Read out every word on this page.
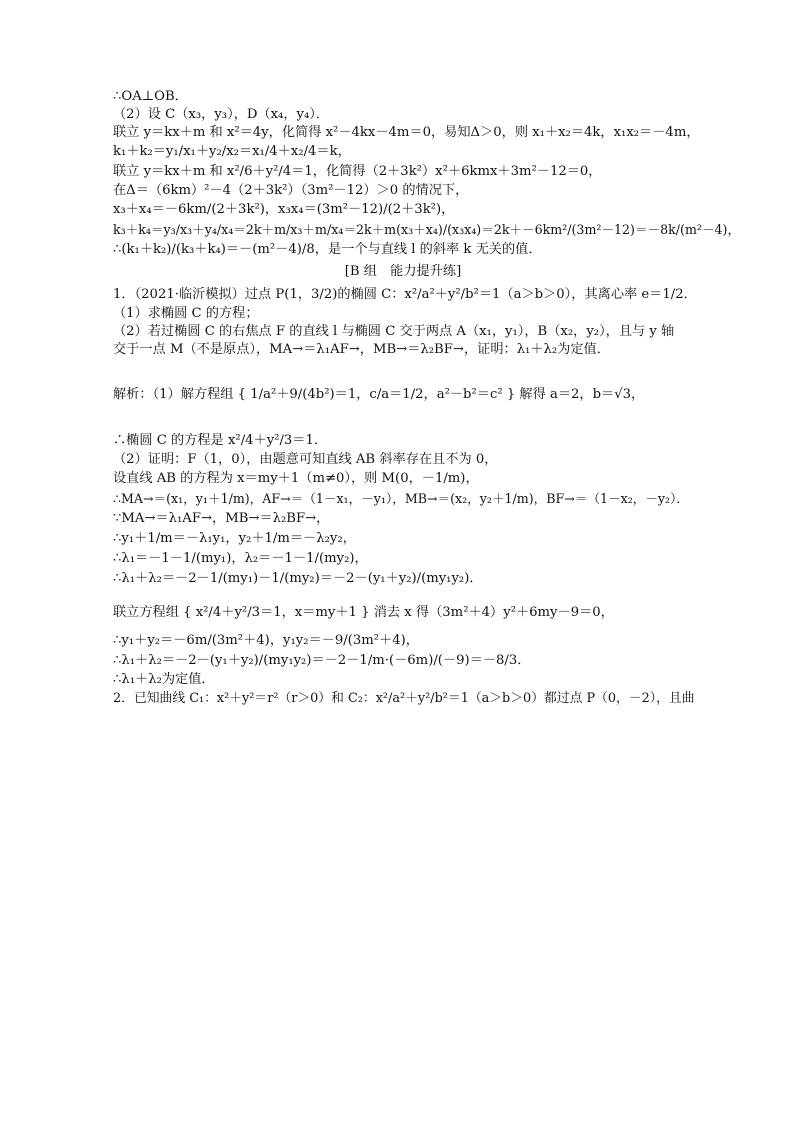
∴OA⊥OB．

（2）设 C（x₃，y₃），D（x₄，y₄）．

联立 y＝kx＋m 和 x²＝4y，化简得 x²－4kx－4m＝0，易知Δ＞0，则 x₁＋x₂＝4k，x₁x₂＝－4m，

k₁＋k₂＝y₁/x₁＋y₂/x₂＝x₁/4＋x₂/4＝k，

联立 y＝kx＋m 和 x²/6＋y²/4＝1，化简得（2＋3k²）x²＋6kmx＋3m²－12＝0，

在Δ＝（6km）²－4（2＋3k²）（3m²－12）＞0 的情况下，

x₃＋x₄＝－6km/(2＋3k²)，x₃x₄＝(3m²－12)/(2＋3k²)，

k₃＋k₄＝y₃/x₃＋y₄/x₄＝2k＋m/x₃＋m/x₄＝2k＋m(x₃＋x₄)/(x₃x₄)＝2k＋－6km²/(3m²－12)＝－8k/(m²－4)，

∴(k₁＋k₂)/(k₃＋k₄)＝－(m²－4)/8，是一个与直线 l 的斜率 k 无关的值．

[B 组　能力提升练]

1．（2021·临沂模拟）过点 P(1，3/2)的椭圆 C：x²/a²＋y²/b²＝1（a＞b＞0），其离心率 e＝1/2．

（1）求椭圆 C 的方程；

（2）若过椭圆 C 的右焦点 F 的直线 l 与椭圆 C 交于两点 A（x₁，y₁），B（x₂，y₂），且与 y 轴

交于一点 M（不是原点），MA→＝λ₁AF→，MB→＝λ₂BF→，证明：λ₁＋λ₂为定值．

解析：（1）解方程组 { 1/a²＋9/(4b²)＝1，c/a＝1/2，a²－b²＝c² } 解得 a＝2，b＝√3，

∴椭圆 C 的方程是 x²/4＋y²/3＝1．

（2）证明：F（1，0），由题意可知直线 AB 斜率存在且不为 0，

设直线 AB 的方程为 x＝my＋1（m≠0），则 M(0，－1/m)，

∴MA→＝(x₁，y₁＋1/m)，AF→＝（1－x₁，－y₁），MB→＝(x₂，y₂＋1/m)，BF→＝（1－x₂，－y₂）．

∵MA→＝λ₁AF→，MB→＝λ₂BF→，

∴y₁＋1/m＝－λ₁y₁，y₂＋1/m＝－λ₂y₂，

∴λ₁＝－1－1/(my₁)，λ₂＝－1－1/(my₂)，

∴λ₁＋λ₂＝－2－1/(my₁)－1/(my₂)＝－2－(y₁＋y₂)/(my₁y₂)．

联立方程组 { x²/4＋y²/3＝1，x＝my＋1 } 消去 x 得（3m²＋4）y²＋6my－9＝0，

∴y₁＋y₂＝－6m/(3m²＋4)，y₁y₂＝－9/(3m²＋4)，

∴λ₁＋λ₂＝－2－(y₁＋y₂)/(my₁y₂)＝－2－1/m·(－6m)/(－9)＝－8/3．

∴λ₁＋λ₂为定值．

2．已知曲线 C₁：x²＋y²＝r²（r＞0）和 C₂：x²/a²＋y²/b²＝1（a＞b＞0）都过点 P（0，－2），且曲
